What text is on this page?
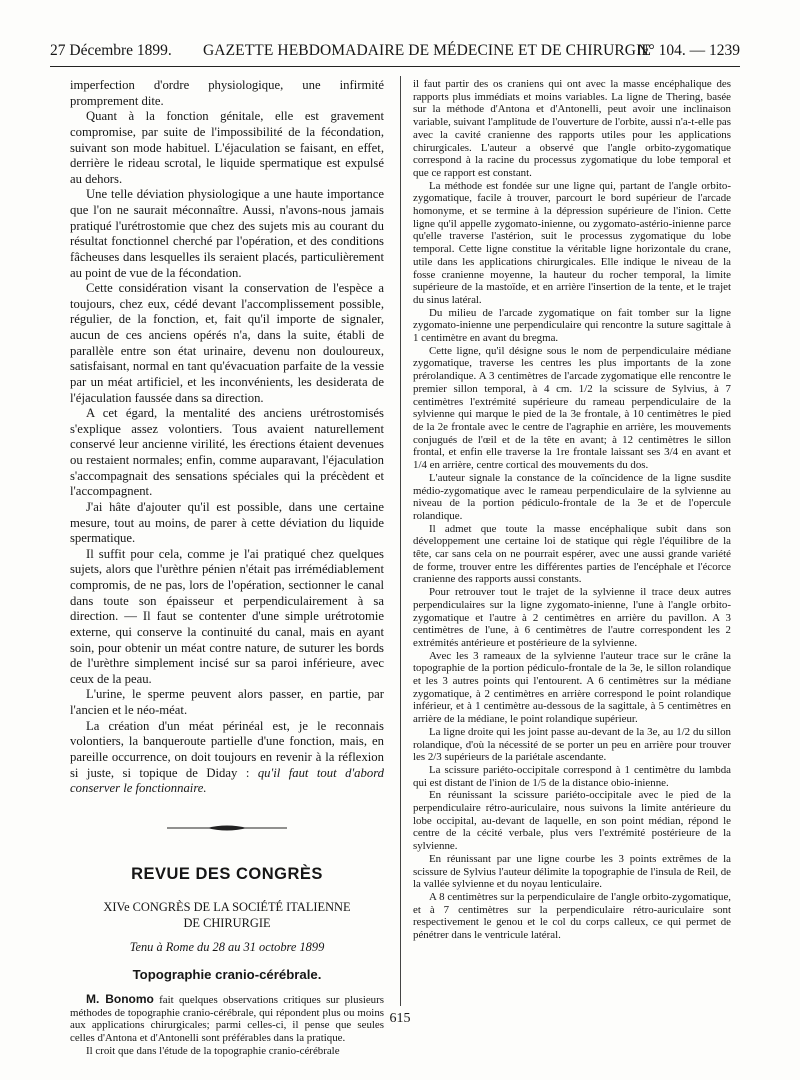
27 Décembre 1899. GAZETTE HEBDOMADAIRE DE MÉDECINE ET DE CHIRURGIE
N° 104. — 1239

imperfection d'ordre physiologique, une infirmité promprement dite.

Quant à la fonction génitale, elle est gravement compromise, par suite de l'impossibilité de la fécondation, suivant son mode habituel. L'éjaculation se faisant, en effet, derrière le rideau scrotal, le liquide spermatique est expulsé au dehors.

Une telle déviation physiologique a une haute importance que l'on ne saurait méconnaître. Aussi, n'avons-nous jamais pratiqué l'urétrostomie que chez des sujets mis au courant du résultat fonctionnel cherché par l'opération, et des conditions fâcheuses dans lesquelles ils seraient placés, particulièrement au point de vue de la fécondation.

Cette considération visant la conservation de l'espèce a toujours, chez eux, cédé devant l'accomplissement possible, régulier, de la fonction, et, fait qu'il importe de signaler, aucun de ces anciens opérés n'a, dans la suite, établi de parallèle entre son état urinaire, devenu non douloureux, satisfaisant, normal en tant qu'évacuation parfaite de la vessie par un méat artificiel, et les inconvénients, les desiderata de l'éjaculation faussée dans sa direction.

A cet égard, la mentalité des anciens urétrostomisés s'explique assez volontiers. Tous avaient naturellement conservé leur ancienne virilité, les érections étaient devenues ou restaient normales; enfin, comme auparavant, l'éjaculation s'accompagnait des sensations spéciales qui la précèdent et l'accompagnent.

J'ai hâte d'ajouter qu'il est possible, dans une certaine mesure, tout au moins, de parer à cette déviation du liquide spermatique.

Il suffit pour cela, comme je l'ai pratiqué chez quelques sujets, alors que l'urèthre pénien n'était pas irrémédiablement compromis, de ne pas, lors de l'opération, sectionner le canal dans toute son épaisseur et perpendiculairement à sa direction. — Il faut se contenter d'une simple urétrotomie externe, qui conserve la continuité du canal, mais en ayant soin, pour obtenir un méat contre nature, de suturer les bords de l'urèthre simplement incisé sur sa paroi inférieure, avec ceux de la peau.

L'urine, le sperme peuvent alors passer, en partie, par l'ancien et le néo-méat.

La création d'un méat périnéal est, je le reconnais volontiers, la banqueroute partielle d'une fonction, mais, en pareille occurrence, on doit toujours en revenir à la réflexion si juste, si topique de Diday : qu'il faut tout d'abord conserver le fonctionnaire.

REVUE DES CONGRÈS
XIVe CONGRÈS DE LA SOCIÉTÉ ITALIENNE
DE CHIRURGIE
Tenu à Rome du 28 au 31 octobre 1899
Topographie cranio-cérébrale.

M. Bonomo fait quelques observations critiques sur plusieurs méthodes de topographie cranio-cérébrale, qui répondent plus ou moins aux applications chirurgicales; parmi celles-ci, il pense que seules celles d'Antona et d'Antonelli sont préférables dans la pratique.

Il croit que dans l'étude de la topographie cranio-cérébrale

il faut partir des os craniens qui ont avec la masse encéphalique des rapports plus immédiats et moins variables. La ligne de Thering, basée sur la méthode d'Antona et d'Antonelli, peut avoir une inclinaison variable, suivant l'amplitude de l'ouverture de l'orbite, aussi n'a-t-elle pas avec la cavité cranienne des rapports utiles pour les applications chirurgicales. L'auteur a observé que l'angle orbito-zygomatique correspond à la racine du processus zygomatique du lobe temporal et que ce rapport est constant.

La méthode est fondée sur une ligne qui, partant de l'angle orbito-zygomatique, facile à trouver, parcourt le bord supérieur de l'arcade homonyme, et se termine à la dépression supérieure de l'inion. Cette ligne qu'il appelle zygomato-inienne, ou zygomato-astério-inienne parce qu'elle traverse l'astérion, suit le processus zygomatique du lobe temporal. Cette ligne constitue la véritable ligne horizontale du crane, utile dans les applications chirurgicales. Elle indique le niveau de la fosse cranienne moyenne, la hauteur du rocher temporal, la limite supérieure de la mastoïde, et en arrière l'insertion de la tente, et le trajet du sinus latéral.

Du milieu de l'arcade zygomatique on fait tomber sur la ligne zygomato-inienne une perpendiculaire qui rencontre la suture sagittale à 1 centimètre en avant du bregma.

Cette ligne, qu'il désigne sous le nom de perpendiculaire médiane zygomatique, traverse les centres les plus importants de la zone prérolandique. A 3 centimètres de l'arcade zygomatique elle rencontre le premier sillon temporal, à 4 cm. 1/2 la scissure de Sylvius, à 7 centimètres l'extrémité supérieure du rameau perpendiculaire de la sylvienne qui marque le pied de la 3e frontale, à 10 centimètres le pied de la 2e frontale avec le centre de l'agraphie en arrière, les mouvements conjugués de l'œil et de la tête en avant; à 12 centimètres le sillon frontal, et enfin elle traverse la 1re frontale laissant ses 3/4 en avant et 1/4 en arrière, centre cortical des mouvements du dos.

L'auteur signale la constance de la coïncidence de la ligne susdite médio-zygomatique avec le rameau perpendiculaire de la sylvienne au niveau de la portion pédiculo-frontale de la 3e et de l'opercule rolandique.

Il admet que toute la masse encéphalique subit dans son développement une certaine loi de statique qui règle l'équilibre de la tête, car sans cela on ne pourrait espérer, avec une aussi grande variété de forme, trouver entre les différentes parties de l'encéphale et l'écorce cranienne des rapports aussi constants.

Pour retrouver tout le trajet de la sylvienne il trace deux autres perpendiculaires sur la ligne zygomato-inienne, l'une à l'angle orbito-zygomatique et l'autre à 2 centimètres en arrière du pavillon. A 3 centimètres de l'une, à 6 centimètres de l'autre correspondent les 2 extrémités antérieure et postérieure de la sylvienne.

Avec les 3 rameaux de la sylvienne l'auteur trace sur le crâne la topographie de la portion pédiculo-frontale de la 3e, le sillon rolandique et les 3 autres points qui l'entourent. A 6 centimètres sur la médiane zygomatique, à 2 centimètres en arrière correspond le point rolandique inférieur, et à 1 centimètre au-dessous de la sagittale, à 5 centimètres en arrière de la médiane, le point rolandique supérieur.

La ligne droite qui les joint passe au-devant de la 3e, au 1/2 du sillon rolandique, d'où la nécessité de se porter un peu en arrière pour trouver les 2/3 supérieurs de la pariétale ascendante.

La scissure pariéto-occipitale correspond à 1 centimètre du lambda qui est distant de l'inion de 1/5 de la distance obio-inienne.

En réunissant la scissure pariéto-occipitale avec le pied de la perpendiculaire rétro-auriculaire, nous suivons la limite antérieure du lobe occipital, au-devant de laquelle, en son point médian, répond le centre de la cécité verbale, plus vers l'extrémité postérieure de la sylvienne.

En réunissant par une ligne courbe les 3 points extrêmes de la scissure de Sylvius l'auteur délimite la topographie de l'insula de Reil, de la vallée sylvienne et du noyau lenticulaire.

A 8 centimètres sur la perpendiculaire de l'angle orbito-zygomatique, et à 7 centimètres sur la perpendiculaire rétro-auriculaire sont respectivement le genou et le col du corps calleux, ce qui permet de pénétrer dans le ventricule latéral.

615
